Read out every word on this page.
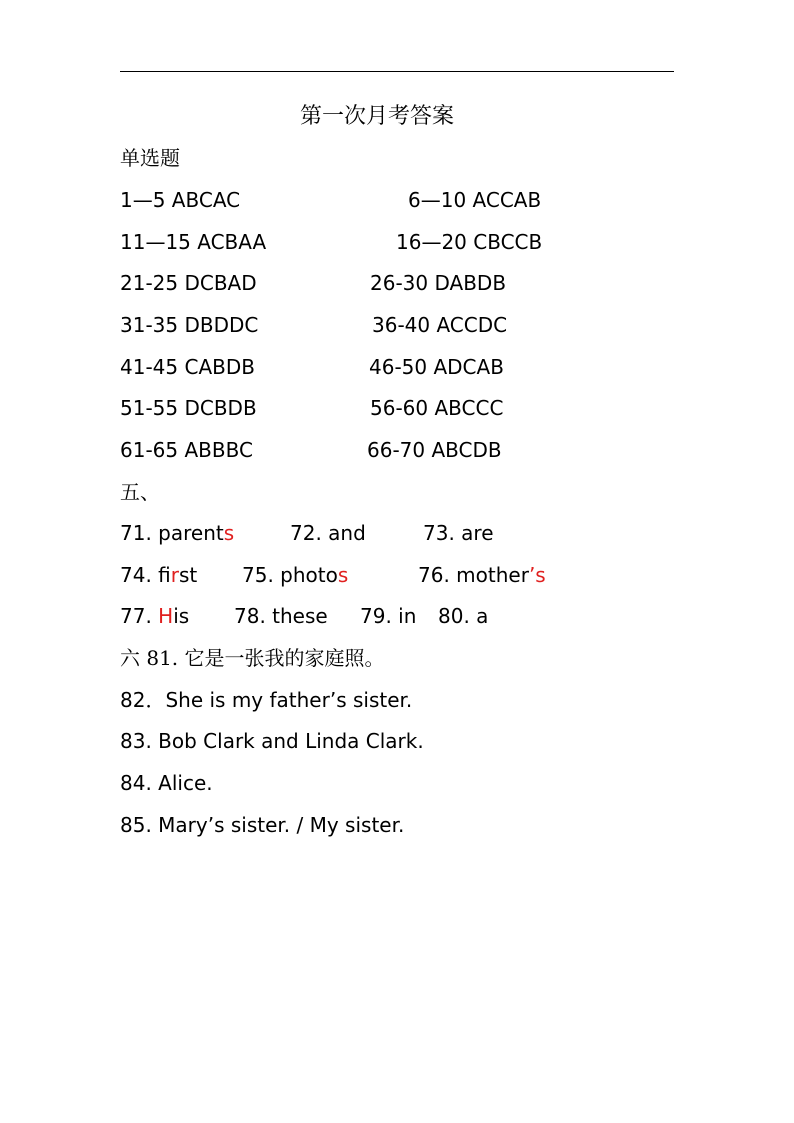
第一次月考答案
单选题
1—5 ABCAC	6—10 ACCAB
11—15 ACBAA	16—20 CBCCB
21-25 DCBAD	26-30 DABDB
31-35 DBDDC	36-40 ACCDC
41-45 CABDB	46-50 ADCAB
51-55 DCBDB	56-60 ABCCC
61-65 ABBBC	66-70 ABCDB
五、
71. parents	72. and	73. are
74. first 75. photos	76. mother’s
77. His 78. these 79. in 80. a
六 81. 它是一张我的家庭照。
82．She is my father’s sister.
83. Bob Clark and Linda Clark.
84. Alice.
85. Mary’s sister. / My sister.
